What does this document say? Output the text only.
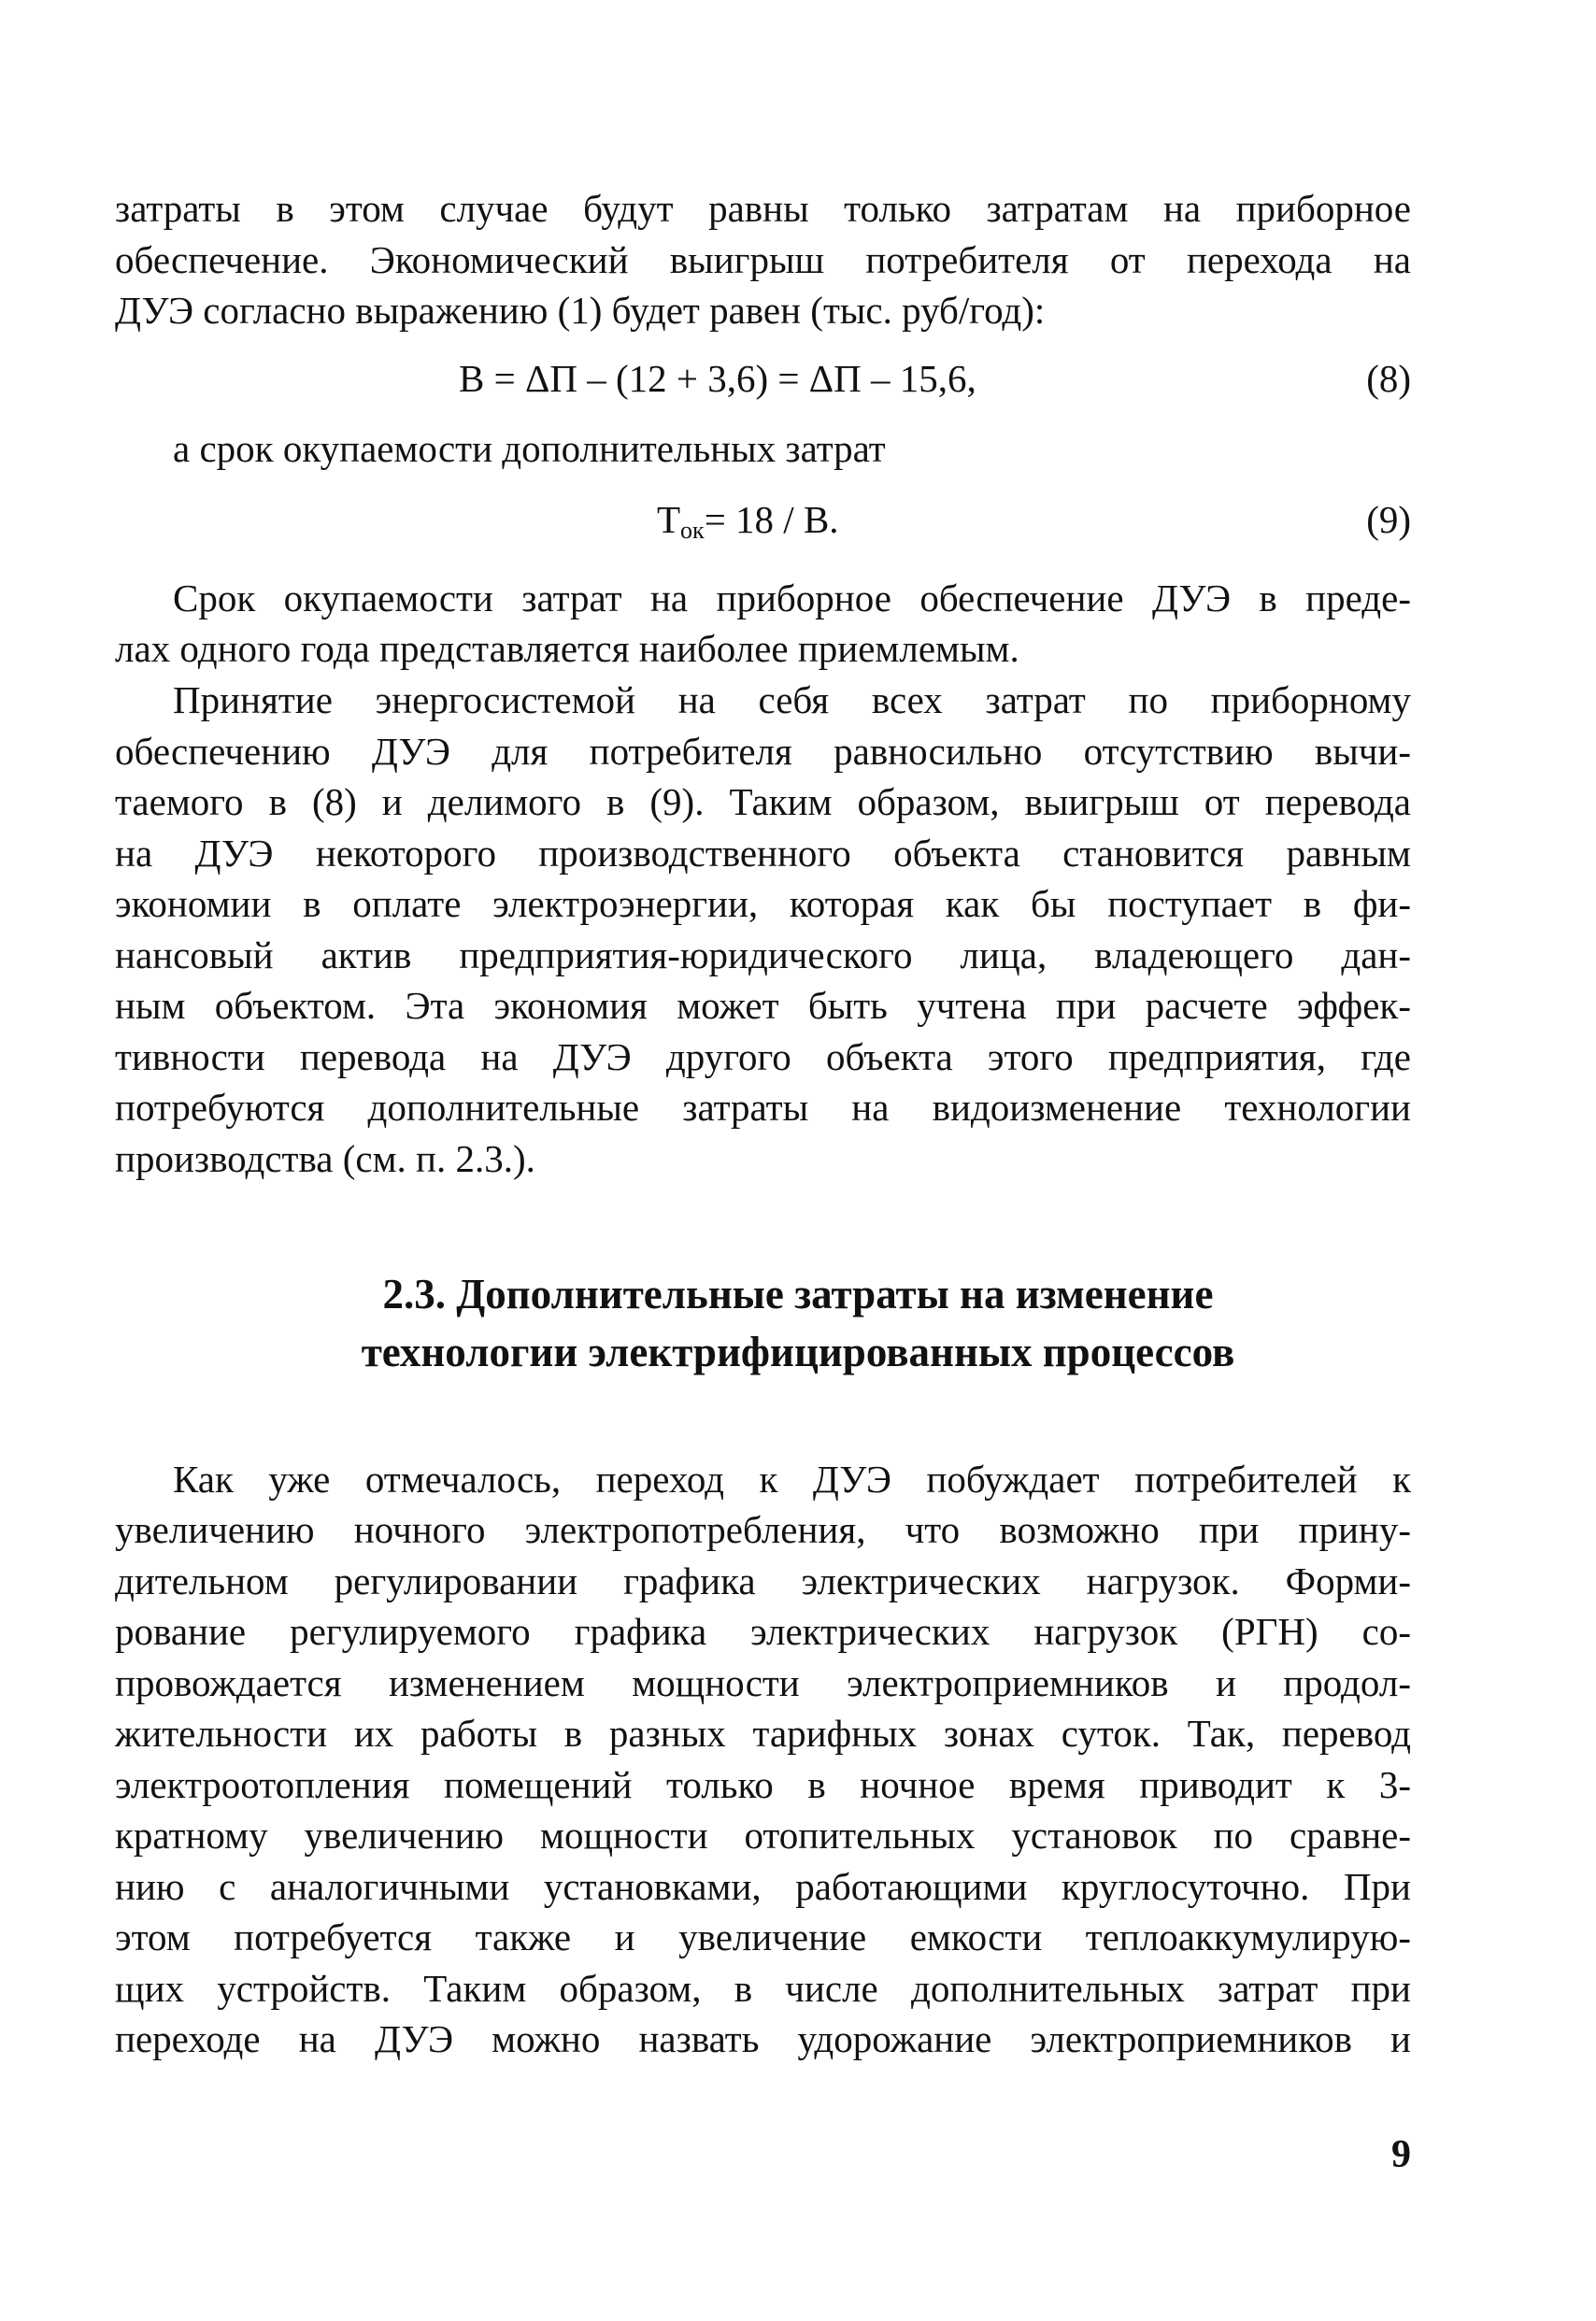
затраты в этом случае будут равны только затратам на приборное
обеспечение. Экономический выигрыш потребителя от перехода на
ДУЭ согласно выражению (1) будет равен (тыс. руб/год):
В = ΔП – (12 + 3,6) = ΔП – 15,6,	(8)
а срок окупаемости дополнительных затрат
$Т_{ок}= 18 / В$.	(9)
Срок окупаемости затрат на приборное обеспечение ДУЭ в преде-
лах одного года представляется наиболее приемлемым.
Принятие энергосистемой на себя всех затрат по приборному
обеспечению ДУЭ для потребителя равносильно отсутствию вычи-
таемого в (8) и делимого в (9). Таким образом, выигрыш от перевода
на ДУЭ некоторого производственного объекта становится равным
экономии в оплате электроэнергии, которая как бы поступает в фи-
нансовый актив предприятия-юридического лица, владеющего дан-
ным объектом. Эта экономия может быть учтена при расчете эффек-
тивности перевода на ДУЭ другого объекта этого предприятия, где
потребуются дополнительные затраты на видоизменение технологии
производства (см. п. 2.3.).
2.3. Дополнительные затраты на изменение
технологии электрифицированных процессов
Как уже отмечалось, переход к ДУЭ побуждает потребителей к
увеличению ночного электропотребления, что возможно при прину-
дительном регулировании графика электрических нагрузок. Форми-
рование регулируемого графика электрических нагрузок (РГН) со-
провождается изменением мощности электроприемников и продол-
жительности их работы в разных тарифных зонах суток. Так, перевод
электроотопления помещений только в ночное время приводит к 3-
кратному увеличению мощности отопительных установок по сравне-
нию с аналогичными установками, работающими круглосуточно. При
этом потребуется также и увеличение емкости теплоаккумулирую-
щих устройств. Таким образом, в числе дополнительных затрат при
переходе на ДУЭ можно назвать удорожание электроприемников и
9
